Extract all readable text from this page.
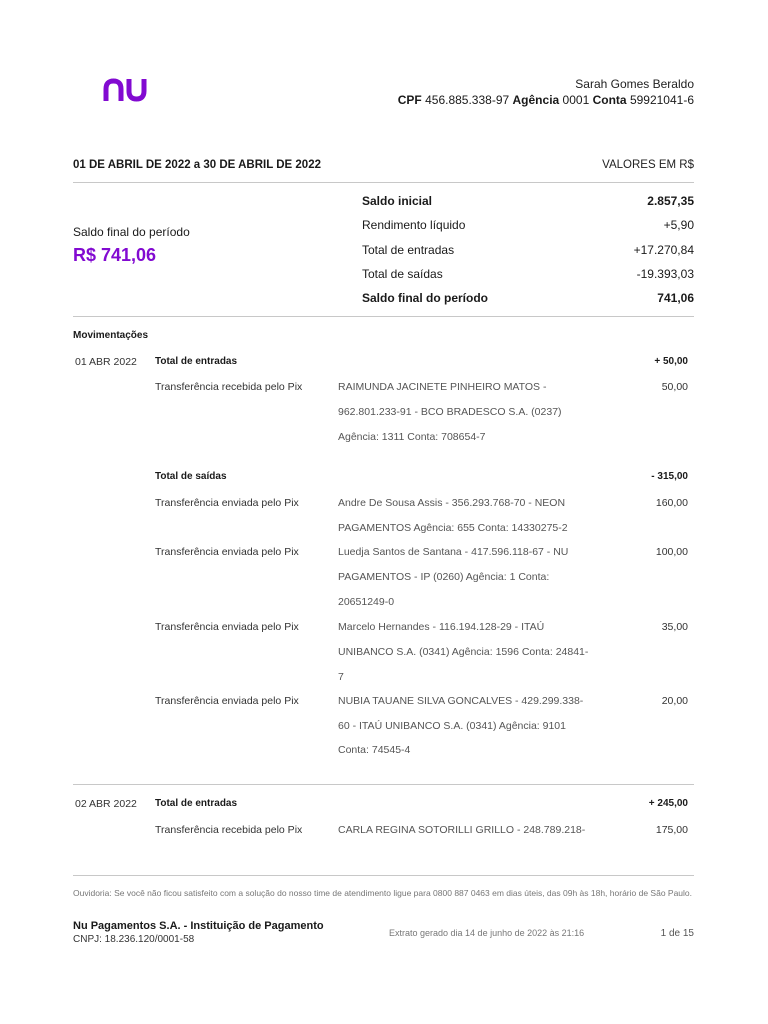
Sarah Gomes Beraldo
CPF 456.885.338-97 Agência 0001 Conta 59921041-6
01 DE ABRIL DE 2022 a 30 DE ABRIL DE 2022	VALORES EM R$
Saldo final do período
R$ 741,06
Saldo inicial	2.857,35
Rendimento líquido	+5,90
Total de entradas	+17.270,84
Total de saídas	-19.393,03
Saldo final do período	741,06
Movimentações
01 ABR 2022 Total de entradas	+ 50,00
Transferência recebida pelo Pix	RAIMUNDA JACINETE PINHEIRO MATOS -	50,00
962.801.233-91 - BCO BRADESCO S.A. (0237)
Agência: 1311 Conta: 708654-7
Total de saídas	- 315,00
Transferência enviada pelo Pix	Andre De Sousa Assis - 356.293.768-70 - NEON	160,00
PAGAMENTOS Agência: 655 Conta: 14330275-2
Transferência enviada pelo Pix	Luedja Santos de Santana - 417.596.118-67 - NU	100,00
PAGAMENTOS - IP (0260) Agência: 1 Conta:
20651249-0
Transferência enviada pelo Pix	Marcelo Hernandes - 116.194.128-29 - ITAÚ	35,00
UNIBANCO S.A. (0341) Agência: 1596 Conta: 24841-
7
Transferência enviada pelo Pix	NUBIA TAUANE SILVA GONCALVES - 429.299.338-	20,00
60 - ITAÚ UNIBANCO S.A. (0341) Agência: 9101
Conta: 74545-4
02 ABR 2022 Total de entradas	+ 245,00
Transferência recebida pelo Pix	CARLA REGINA SOTORILLI GRILLO - 248.789.218-	175,00
Ouvidoria: Se você não ficou satisfeito com a solução do nosso time de atendimento ligue para 0800 887 0463 em dias úteis, das 09h às 18h, horário de São Paulo.
Nu Pagamentos S.A. - Instituição de Pagamento
CNPJ: 18.236.120/0001-58
Extrato gerado dia 14 de junho de 2022 às 21:16	1 de 15
